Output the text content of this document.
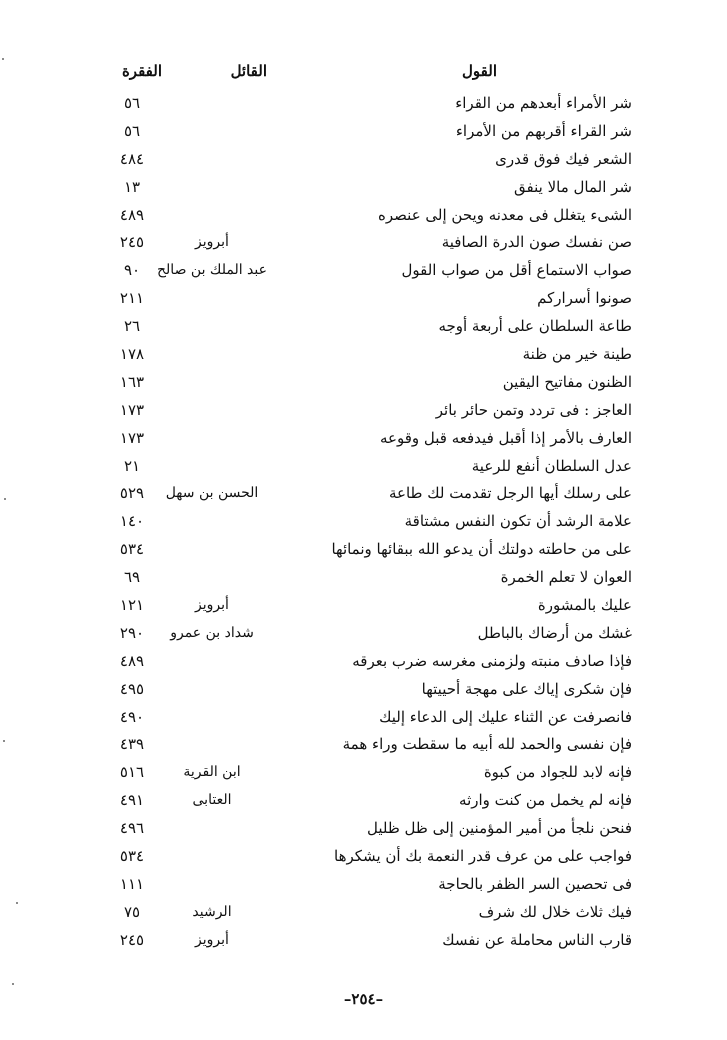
القول
القائل
الفقرة
شر الأمراء أبعدهم من القراء
٥٦
شر القراء أقربهم من الأمراء
٥٦
الشعر فيك فوق قدرى
٤٨٤
شر المال مالا ينفق
١٣
الشىء يتغلل فى معدنه ويحن إلى عنصره
٤٨٩
صن نفسك صون الدرة الصافية
أبرويز
٢٤٥
صواب الاستماع أقل من صواب القول
عبد الملك بن صالح
٩٠
صونوا أسراركم
٢١١
طاعة السلطان على أربعة أوجه
٢٦
طينة خير من ظنة
١٧٨
الظنون مفاتيح اليقين
١٦٣
العاجز : فى تردد وتمن حائر بائر
١٧٣
العارف بالأمر إذا أقبل فيدفعه قبل وقوعه
١٧٣
عدل السلطان أنفع للرعية
٢١
على رسلك أيها الرجل تقدمت لك طاعة
الحسن بن سهل
٥٢٩
علامة الرشد أن تكون النفس مشتاقة
١٤٠
على من حاطته دولتك أن يدعو الله ببقائها ونمائها
٥٣٤
العوان لا تعلم الخمرة
٦٩
عليك بالمشورة
أبرويز
١٢١
غشك من أرضاك بالباطل
شداد بن عمرو
٢٩٠
فإذا صادف منبته ولزمنى مغرسه ضرب بعرقه
٤٨٩
فإن شكرى إياك على مهجة أحييتها
٤٩٥
فانصرفت عن الثناء عليك إلى الدعاء إليك
٤٩٠
فإن نفسى والحمد لله أبيه ما سقطت وراء همة
٤٣٩
فإنه لابد للجواد من كبوة
ابن القرية
٥١٦
فإنه لم يخمل من كنت وارثه
العتابى
٤٩١
فنحن نلجأ من أمير المؤمنين إلى ظل ظليل
٤٩٦
فواجب على من عرف قدر النعمة بك أن يشكرها
٥٣٤
فى تحصين السر الظفر بالحاجة
١١١
فيك ثلاث خلال لك شرف
الرشيد
٧٥
قارب الناس محاملة عن نفسك
أبرويز
٢٤٥
–٢٥٤–
